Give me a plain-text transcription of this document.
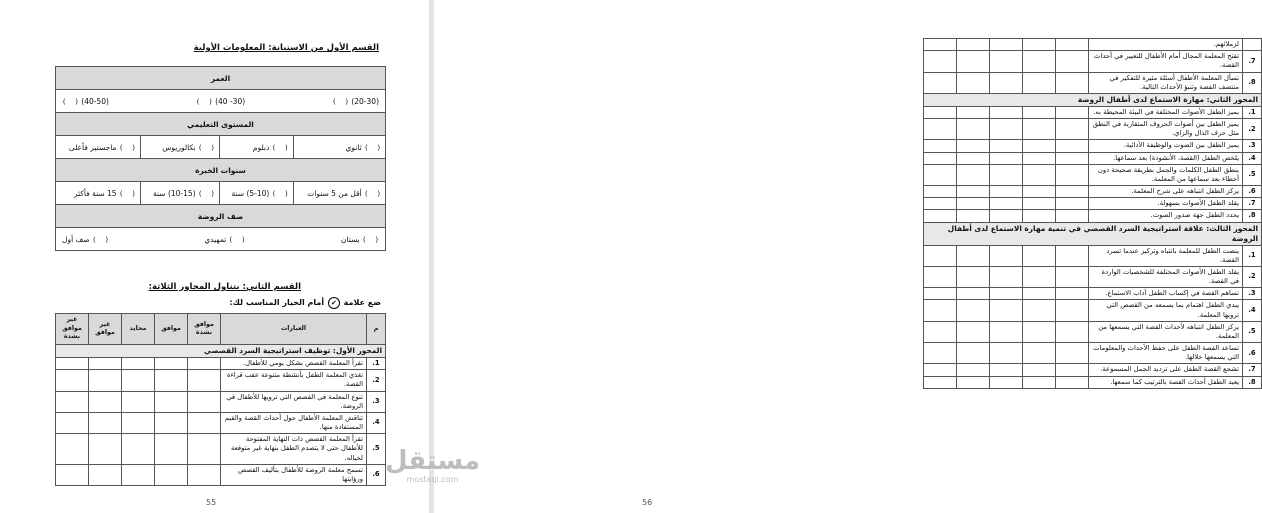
القسم الأول من الاستبانة: المعلومات الأولية
العمر			

(20-30) (  )
(30- 40) (  )
(40-50) (  )			

المستوى التعليمي			
(  ) ثانوي	(  ) دبلوم	(  ) بكالوريوس	(  ) ماجستير فأعلى
سنوات الخبرة			
(  ) أقل من 5 سنوات	(  ) (5-10) سنة	(  ) (10-15) سنة	(  ) 15 سنة فأكثر
صف الروضة			

(  ) بستان
(  ) تمهيدي
(  ) صف أول			
القسم الثاني: يتناول المحاور الثلاثة:
ضع علامة ✔ أمام الخيار المناسب لك:
م	العبارات	موافق بشدة	موافق	محايد	غير موافق	غير موافق بشدة
المحور الأول: توظيف استراتيجية السرد القصصي						
1.	تقرأ المعلمة القصص بشكل يومي للأطفال.					
2.	تغذي المعلمة الطفل بأنشطة متنوعة عقب قراءة القصة.					
3.	تنوع المعلمة في القصص التي ترويها للأطفال في الروضة.					
4.	تناقش المعلمة الأطفال حول أحداث القصة والقيم المستفادة منها.					
5.	تقرأ المعلمة القصص ذات النهاية المفتوحة للأطفال حتى لا يتصدم الطفل بنهاية غير متوقعة لخياله.					
6.	تسمح معلمة الروضة للأطفال بتأليف القصص ورؤايتها					
55
	لزملائهم.					
7.	تفتح المعلمة المجال أمام الأطفال للتغيير في أحداث القصة.					
8.	تسأل المعلمة الأطفال أسئلة مثيرة للتفكير في منتصف القصة وتنبؤ الأحداث التالية.					
المحور الثاني: مهارة الاستماع لدى أطفال الروضة						
1.	يميز الطفل الأصوات المختلفة في البيئة المحيطة به.					
2.	يميز الطفل بين أصوات الحروف المتقاربة في النطق مثل حرف الذال والزاي.					
3.	يميز الطفل بين الصوت والوظيفة الأدائية.					
4.	يلخص الطفل (القصة، الأنشودة) بعد سماعها.					
5.	ينطق الطفل الكلمات والجمل بطريقة صحيحة دون أخطاء بعد سماعها من المعلمة.					
6.	يركز الطفل انتباهه على شرح المعلمة.					
7.	يقلد الطفل الأصوات بسهولة.					
8.	يحدد الطفل جهة صدور الصوت.					
المحور الثالث: علاقة استراتيجية السرد القصصي في تنمية مهارة الاستماع لدى أطفال الروضة						
1.	ينصت الطفل للمعلمة بانتباه وتركيز عندما تسرد القصة.					
2.	يقلد الطفل الأصوات المختلفة للشخصيات الواردة في القصة.					
3.	تساهم القصة في إكساب الطفل آداب الاستماع.					
4.	يبدي الطفل اهتمام بما يسمعه من القصص التي ترويها المعلمة.					
5.	يركز الطفل انتباهه لأحداث القصة التي يسمعها من المعلمة.					
6.	تساعد القصة الطفل على حفظ الأحداث والمعلومات التي يسمعها خلالها.					
7.	تشجع القصة الطفل على ترديد الجمل المسموعة.					
8.	يعيد الطفل أحداث القصة بالترتيب كما سمعها.					
56
مستقل
mostaql.com
